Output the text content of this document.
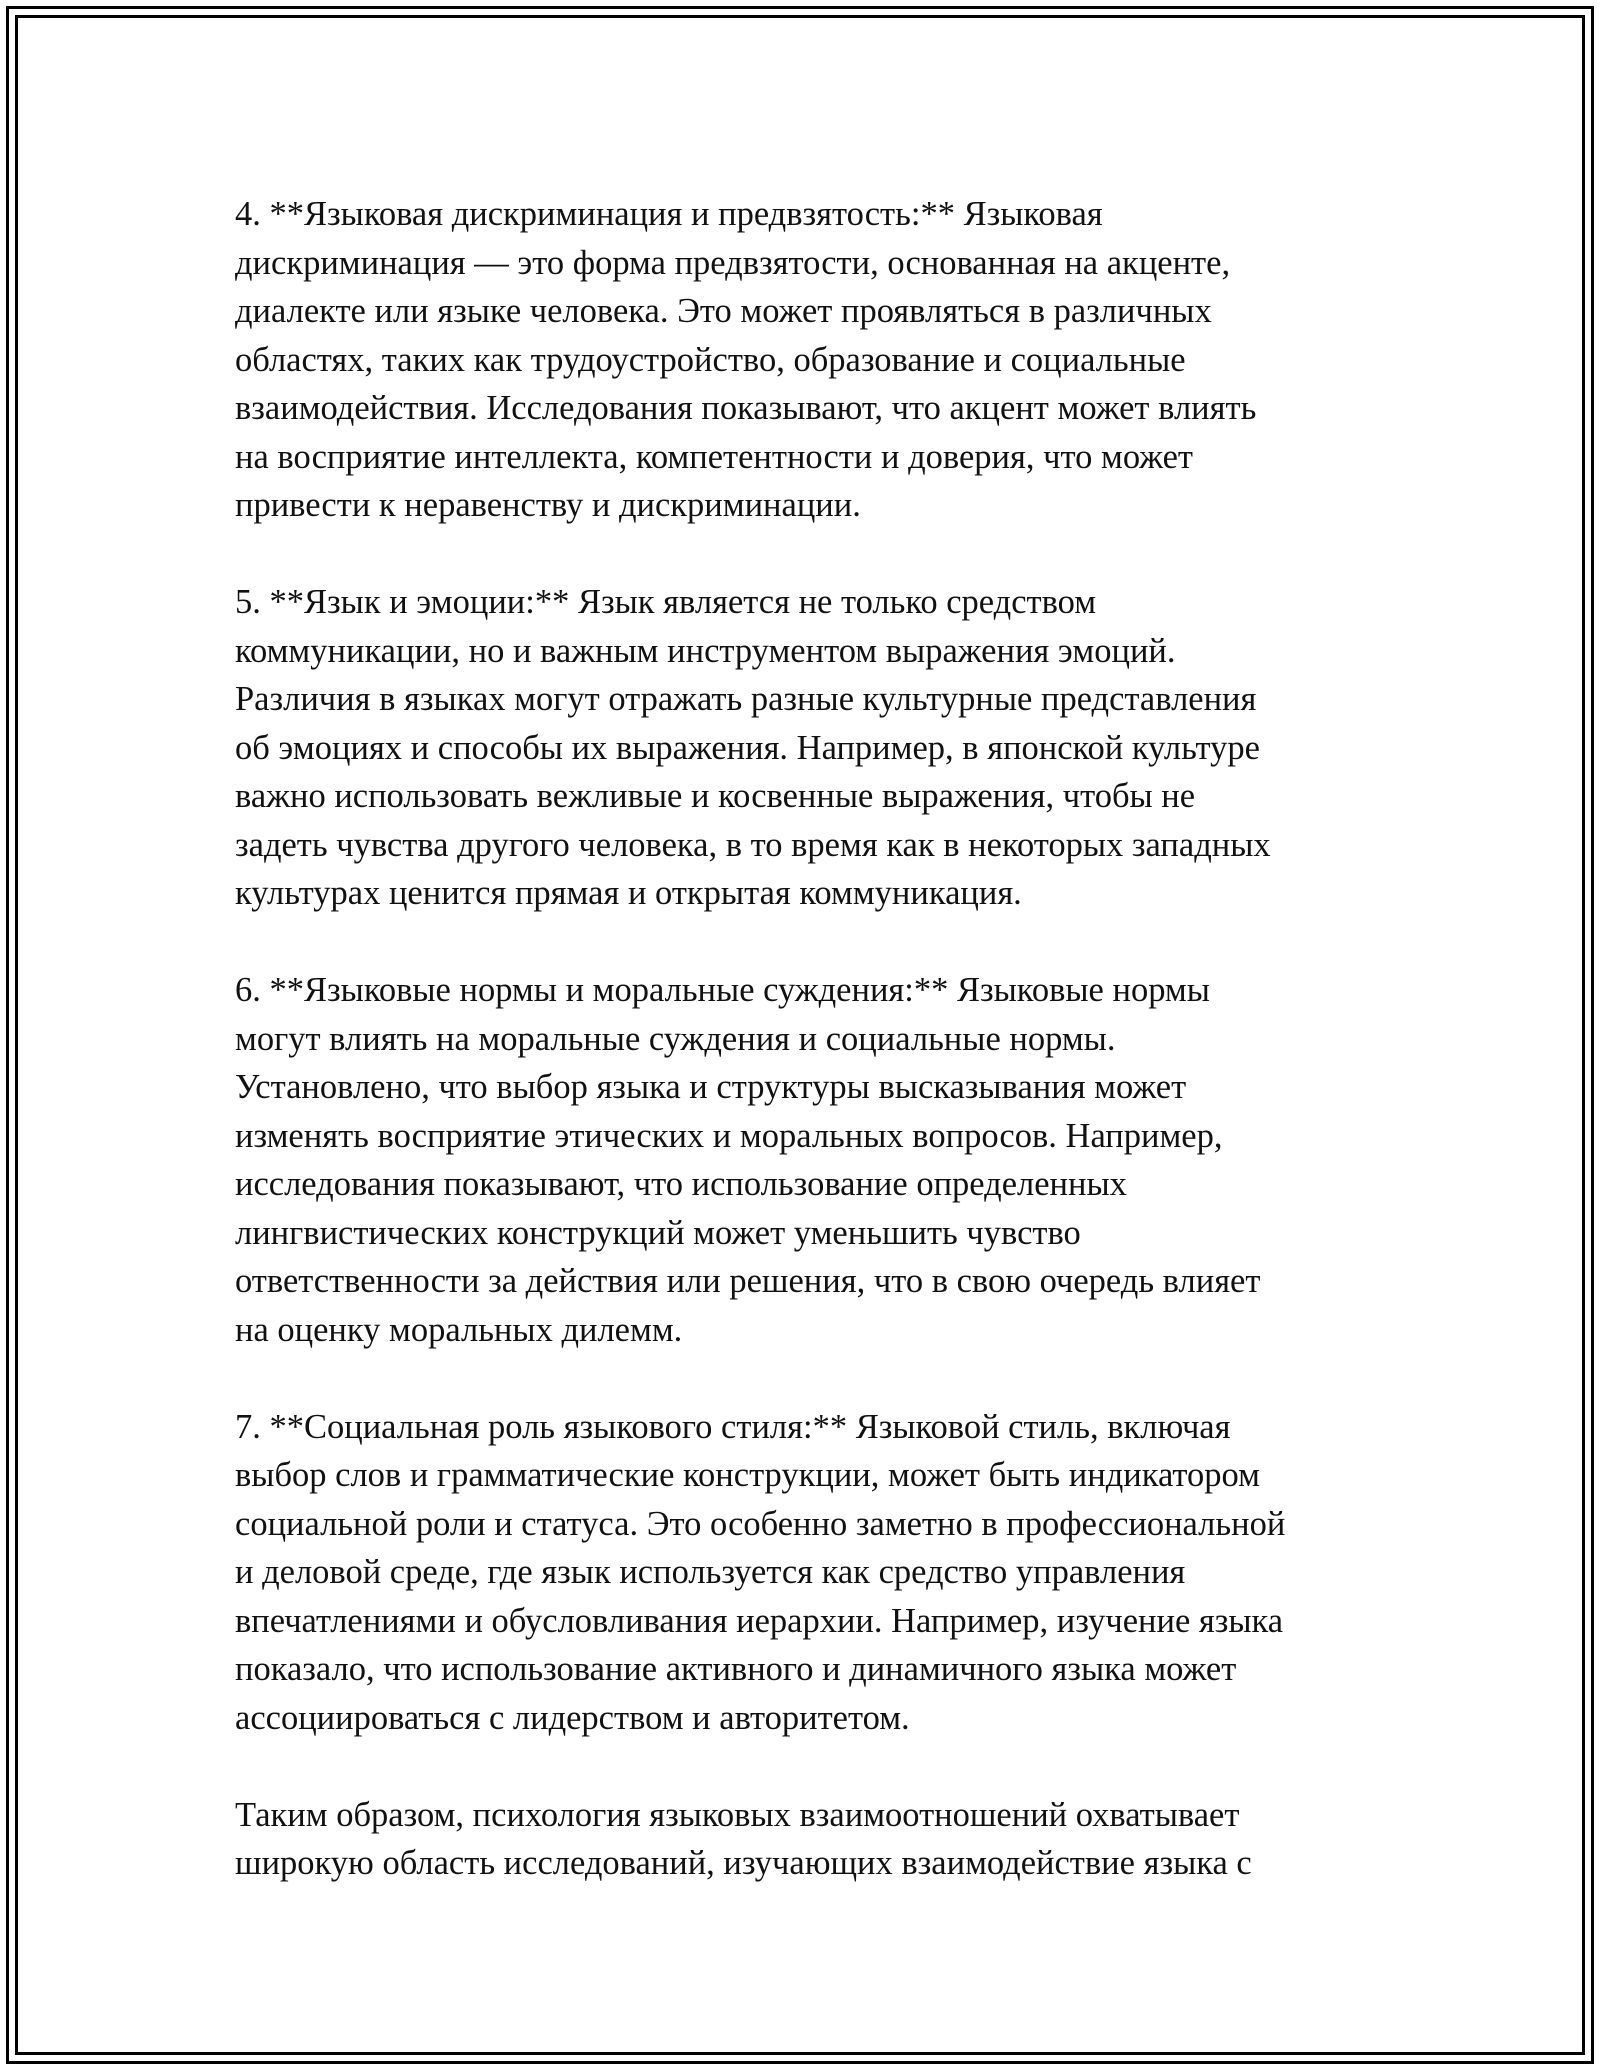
4. **Языковая дискриминация и предвзятость:** Языковая
дискриминация — это форма предвзятости, основанная на акценте,
диалекте или языке человека. Это может проявляться в различных
областях, таких как трудоустройство, образование и социальные
взаимодействия. Исследования показывают, что акцент может влиять
на восприятие интеллекта, компетентности и доверия, что может
привести к неравенству и дискриминации.

5. **Язык и эмоции:** Язык является не только средством
коммуникации, но и важным инструментом выражения эмоций.
Различия в языках могут отражать разные культурные представления
об эмоциях и способы их выражения. Например, в японской культуре
важно использовать вежливые и косвенные выражения, чтобы не
задеть чувства другого человека, в то время как в некоторых западных
культурах ценится прямая и открытая коммуникация.

6. **Языковые нормы и моральные суждения:** Языковые нормы
могут влиять на моральные суждения и социальные нормы.
Установлено, что выбор языка и структуры высказывания может
изменять восприятие этических и моральных вопросов. Например,
исследования показывают, что использование определенных
лингвистических конструкций может уменьшить чувство
ответственности за действия или решения, что в свою очередь влияет
на оценку моральных дилемм.

7. **Социальная роль языкового стиля:** Языковой стиль, включая
выбор слов и грамматические конструкции, может быть индикатором
социальной роли и статуса. Это особенно заметно в профессиональной
и деловой среде, где язык используется как средство управления
впечатлениями и обусловливания иерархии. Например, изучение языка
показало, что использование активного и динамичного языка может
ассоциироваться с лидерством и авторитетом.

Таким образом, психология языковых взаимоотношений охватывает
широкую область исследований, изучающих взаимодействие языка с
